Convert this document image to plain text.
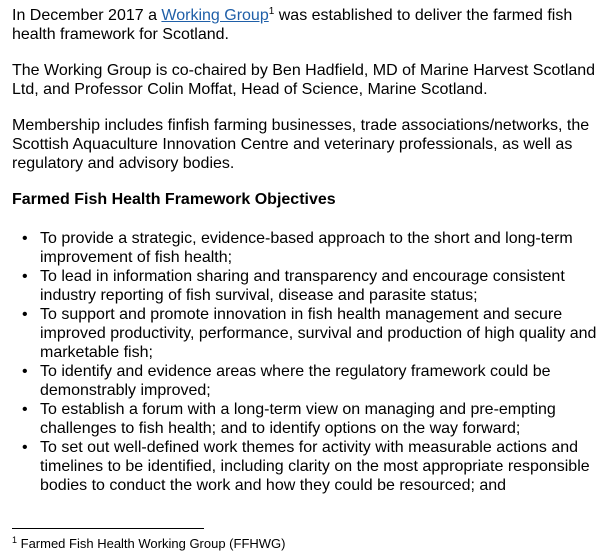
In December 2017 a Working Group$^1$ was established to deliver the farmed fish health framework for Scotland.

The Working Group is co-chaired by Ben Hadfield, MD of Marine Harvest Scotland Ltd, and Professor Colin Moffat, Head of Science, Marine Scotland.

Membership includes finfish farming businesses, trade associations/networks, the Scottish Aquaculture Innovation Centre and veterinary professionals, as well as regulatory and advisory bodies.

Farmed Fish Health Framework Objectives
• To provide a strategic, evidence-based approach to the short and long-term improvement of fish health;
• To lead in information sharing and transparency and encourage consistent industry reporting of fish survival, disease and parasite status;
• To support and promote innovation in fish health management and secure improved productivity, performance, survival and production of high quality and marketable fish;
• To identify and evidence areas where the regulatory framework could be demonstrably improved;
• To establish a forum with a long-term view on managing and pre-empting challenges to fish health; and to identify options on the way forward;
• To set out well-defined work themes for activity with measurable actions and timelines to be identified, including clarity on the most appropriate responsible bodies to conduct the work and how they could be resourced; and
$^1$ Farmed Fish Health Working Group (FFHWG)
